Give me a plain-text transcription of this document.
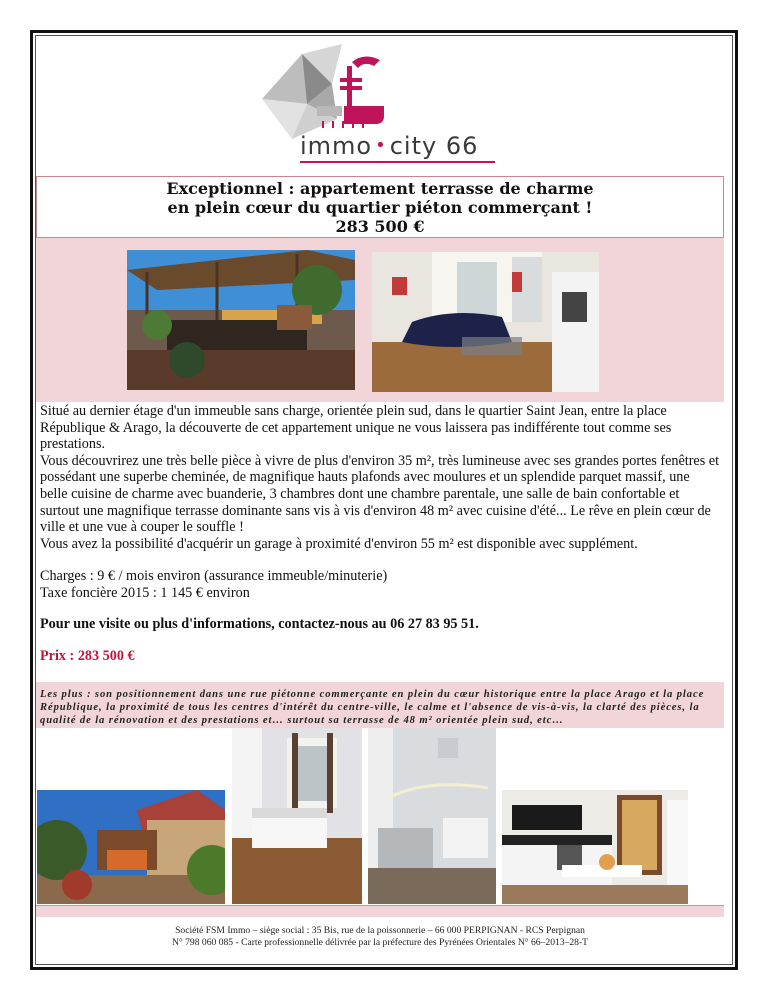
immo • city 66
Exceptionnel : appartement terrasse de charme
en plein cœur du quartier piéton commerçant !
283 500 €

Situé au dernier étage d'un immeuble sans charge, orientée plein sud, dans le quartier Saint Jean, entre la place République & Arago, la découverte de cet appartement unique ne vous laissera pas indifférente tout comme ses prestations.

Vous découvrirez une très belle pièce à vivre de plus d'environ 35 m², très lumineuse avec ses grandes portes fenêtres et possédant une superbe cheminée, de magnifique hauts plafonds avec moulures et un splendide parquet massif, une belle cuisine de charme avec buanderie, 3 chambres dont une chambre parentale, une salle de bain confortable et surtout une magnifique terrasse dominante sans vis à vis d'environ 48 m² avec cuisine d'été... Le rêve en plein cœur de ville et une vue à couper le souffle !

Vous avez la possibilité d'acquérir un garage à proximité d'environ 55 m² est disponible avec supplément.

Charges : 9 € / mois environ (assurance immeuble/minuterie)
Taxe foncière 2015 : 1 145 € environ
Pour une visite ou plus d'informations, contactez-nous au 06 27 83 95 51.
Prix : 283 500 €
Les plus : son positionnement dans une rue piétonne commerçante en plein du cœur historique entre la place Arago et la place République, la proximité de tous les centres d'intérêt du centre-ville, le calme et l'absence de vis-à-vis, la clarté des pièces, la qualité de la rénovation et des prestations et… surtout sa terrasse de 48 m² orientée plein sud, etc…
Société FSM Immo – siège social : 35 Bis, rue de la poissonnerie – 66 000 PERPIGNAN - RCS Perpignan
N° 798 060 085 - Carte professionnelle délivrée par la préfecture des Pyrénées Orientales N° 66–2013–28-T
